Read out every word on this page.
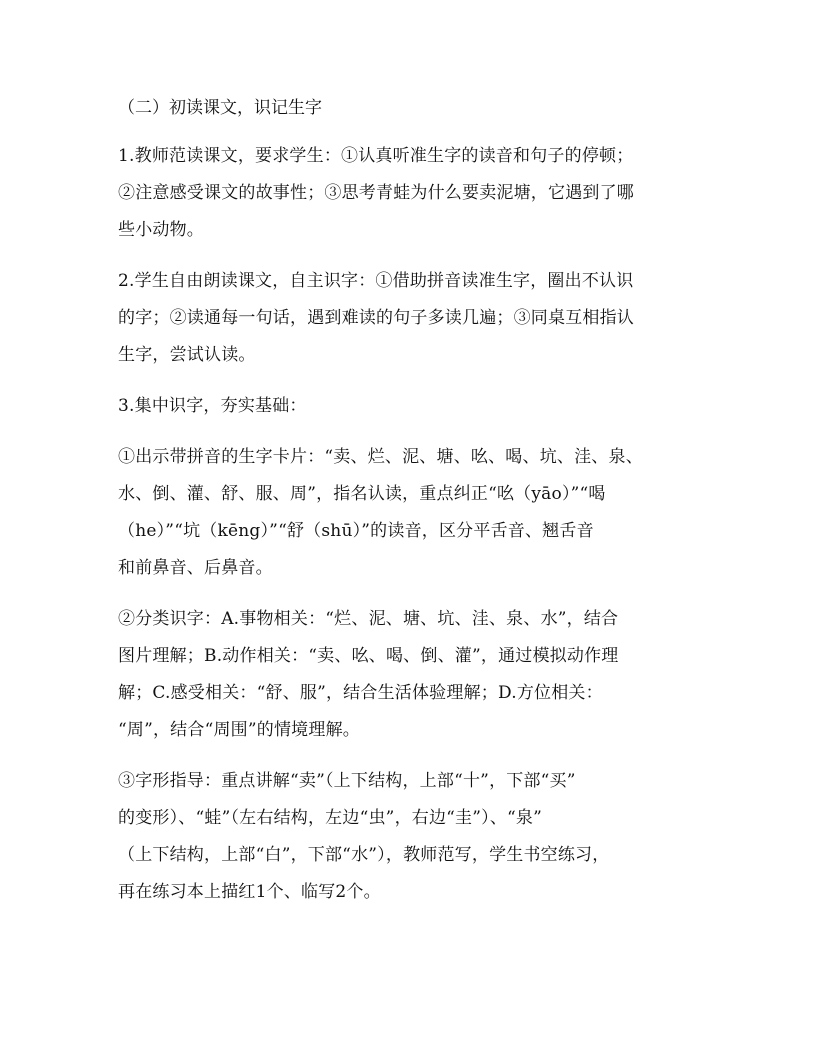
（二）初读课文，识记生字
1.教师范读课文，要求学生：①认真听准生字的读音和句子的停顿；
②注意感受课文的故事性；③思考青蛙为什么要卖泥塘，它遇到了哪
些小动物。
2.学生自由朗读课文，自主识字：①借助拼音读准生字，圈出不认识
的字；②读通每一句话，遇到难读的句子多读几遍；③同桌互相指认
生字，尝试认读。
3.集中识字，夯实基础：
①出示带拼音的生字卡片：“卖、烂、泥、塘、吆、喝、坑、洼、泉、
水、倒、灌、舒、服、周”，指名认读，重点纠正“吆（yāo）”“喝
（he）”“坑（kēng）”“舒（shū）”的读音，区分平舌音、翘舌音
和前鼻音、后鼻音。
②分类识字：A.事物相关：“烂、泥、塘、坑、洼、泉、水”，结合
图片理解；B.动作相关：“卖、吆、喝、倒、灌”，通过模拟动作理
解；C.感受相关：“舒、服”，结合生活体验理解；D.方位相关：
“周”，结合“周围”的情境理解。
③字形指导：重点讲解“卖”（上下结构，上部“十”，下部“买”
的变形）、“蛙”（左右结构，左边“虫”，右边“圭”）、“泉”
（上下结构，上部“白”，下部“水”），教师范写，学生书空练习，
再在练习本上描红1个、临写2个。
